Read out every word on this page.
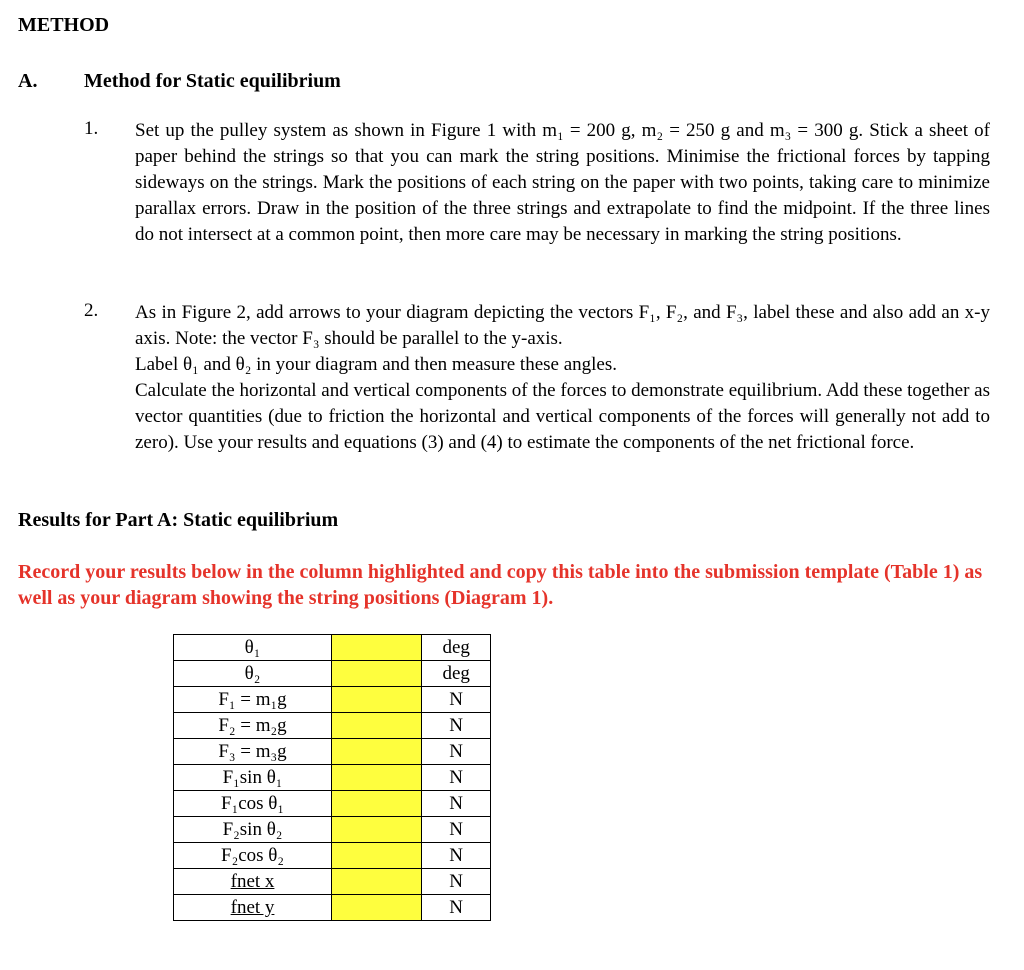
METHOD
A. Method for Static equilibrium
1. Set up the pulley system as shown in Figure 1 with m₁ = 200 g, m₂ = 250 g and m₃ = 300 g. Stick a sheet of paper behind the strings so that you can mark the string positions. Minimise the frictional forces by tapping sideways on the strings. Mark the positions of each string on the paper with two points, taking care to minimize parallax errors. Draw in the position of the three strings and extrapolate to find the midpoint. If the three lines do not intersect at a common point, then more care may be necessary in marking the string positions.

2. As in Figure 2, add arrows to your diagram depicting the vectors F₁, F₂, and F₃, label these and also add an x-y axis. Note: the vector F₃ should be parallel to the y-axis.

Label θ₁ and θ₂ in your diagram and then measure these angles.

Calculate the horizontal and vertical components of the forces to demonstrate equilibrium. Add these together as vector quantities (due to friction the horizontal and vertical components of the forces will generally not add to zero). Use your results and equations (3) and (4) to estimate the components of the net frictional force.

Results for Part A: Static equilibrium
Record your results below in the column highlighted and copy this table into the submission template (Table 1) as well as your diagram showing the string positions (Diagram 1).
θ₁		deg
θ₂		deg
F₁ = m₁g		N
F₂ = m₂g		N
F₃ = m₃g		N
F₁sin θ₁		N
F₁cos θ₁		N
F₂sin θ₂		N
F₂cos θ₂		N
fnet x		N
fnet y		N
